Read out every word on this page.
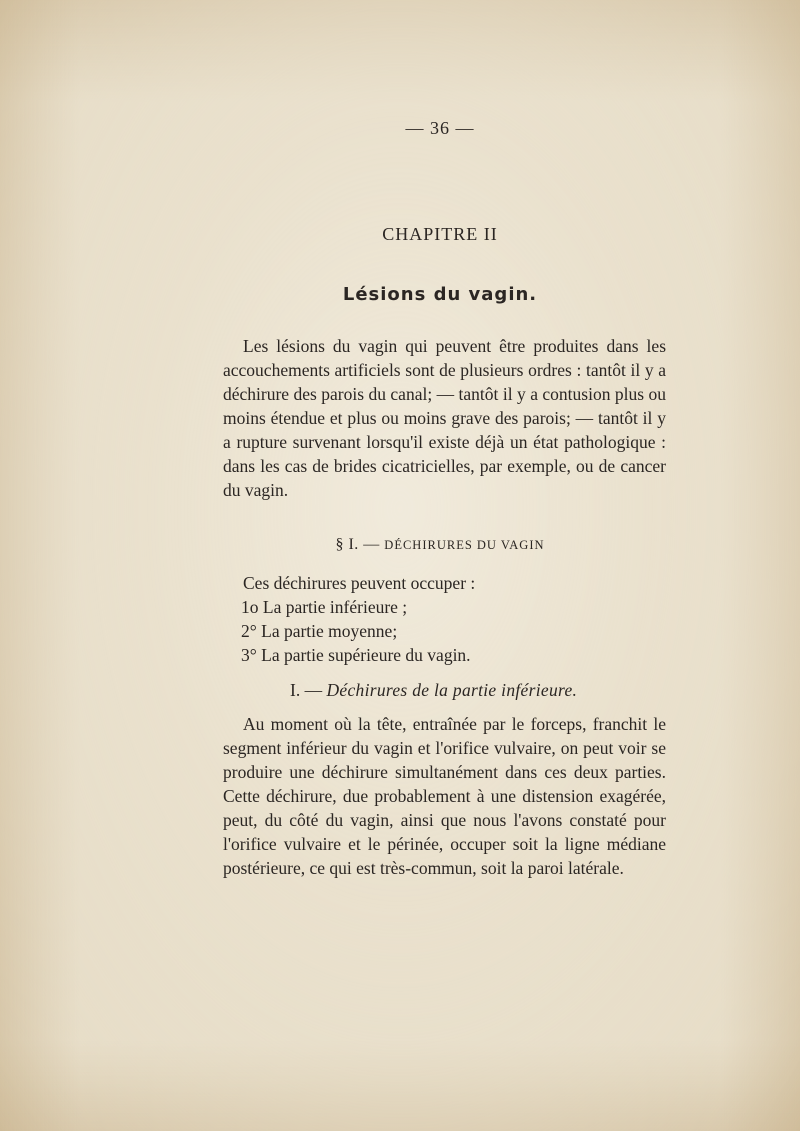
— 36 —
CHAPITRE II
Lésions du vagin.

Les lésions du vagin qui peuvent être produites dans les accouchements artificiels sont de plusieurs ordres : tantôt il y a déchirure des parois du canal; — tantôt il y a contusion plus ou moins étendue et plus ou moins grave des parois; — tantôt il y a rupture survenant lorsqu'il existe déjà un état pathologique : dans les cas de brides cicatricielles, par exemple, ou de cancer du vagin.

§ I. — DÉCHIRURES DU VAGIN

Ces déchirures peuvent occuper :

1o La partie inférieure ;
2° La partie moyenne;
3° La partie supérieure du vagin.
I. — Déchirures de la partie inférieure.

Au moment où la tête, entraînée par le forceps, franchit le segment inférieur du vagin et l'orifice vulvaire, on peut voir se produire une déchirure simultanément dans ces deux parties. Cette déchirure, due probablement à une distension exagérée, peut, du côté du vagin, ainsi que nous l'avons constaté pour l'orifice vulvaire et le périnée, occuper soit la ligne médiane postérieure, ce qui est très-commun, soit la paroi latérale.
